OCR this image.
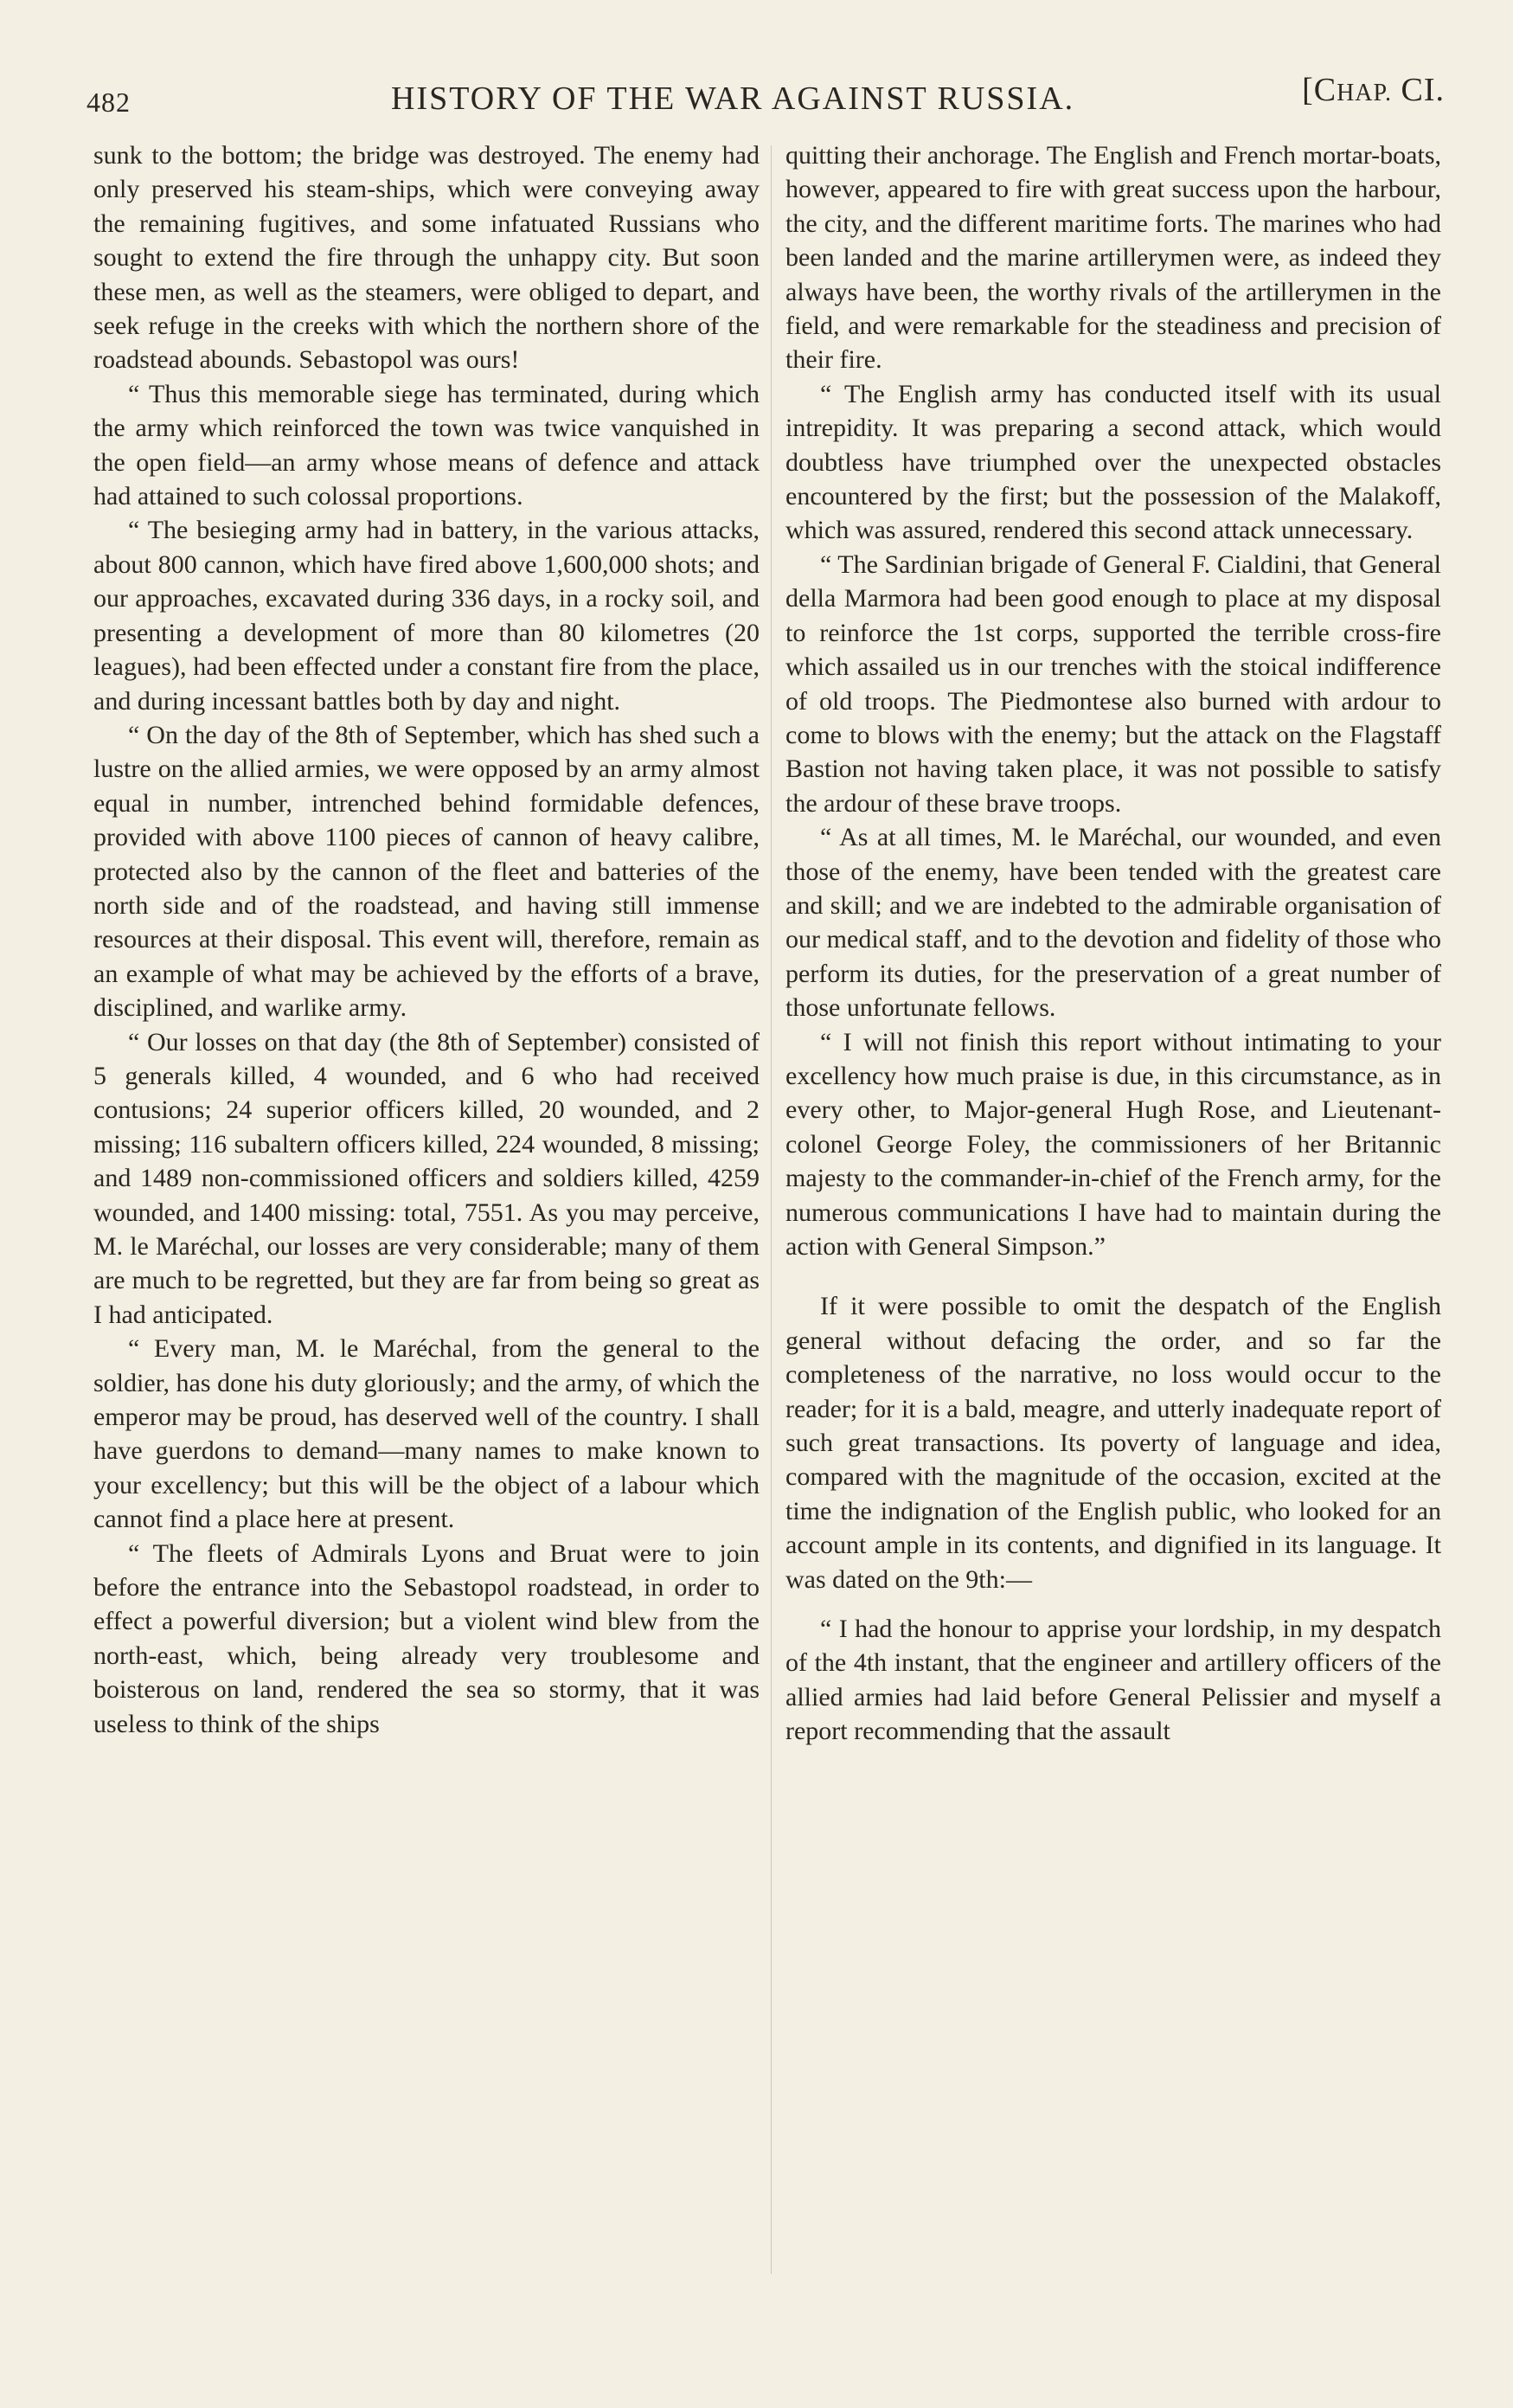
482	HISTORY OF THE WAR AGAINST RUSSIA.	[CHAP. CI.

sunk to the bottom; the bridge was destroyed. The enemy had only preserved his steam-ships, which were conveying away the remaining fugitives, and some infatuated Russians who sought to extend the fire through the unhappy city. But soon these men, as well as the steamers, were obliged to depart, and seek refuge in the creeks with which the northern shore of the roadstead abounds. Sebastopol was ours!

“ Thus this memorable siege has terminated, during which the army which reinforced the town was twice vanquished in the open field—an army whose means of defence and attack had attained to such colossal proportions.

“ The besieging army had in battery, in the various attacks, about 800 cannon, which have fired above 1,600,000 shots; and our approaches, excavated during 336 days, in a rocky soil, and presenting a development of more than 80 kilometres (20 leagues), had been effected under a constant fire from the place, and during incessant battles both by day and night.

“ On the day of the 8th of September, which has shed such a lustre on the allied armies, we were opposed by an army almost equal in number, intrenched behind formidable defences, provided with above 1100 pieces of cannon of heavy calibre, protected also by the cannon of the fleet and batteries of the north side and of the roadstead, and having still immense resources at their disposal. This event will, therefore, remain as an example of what may be achieved by the efforts of a brave, disciplined, and warlike army.

“ Our losses on that day (the 8th of September) consisted of 5 generals killed, 4 wounded, and 6 who had received contusions; 24 superior officers killed, 20 wounded, and 2 missing; 116 subaltern officers killed, 224 wounded, 8 missing; and 1489 non-commissioned officers and soldiers killed, 4259 wounded, and 1400 missing: total, 7551. As you may perceive, M. le Maréchal, our losses are very considerable; many of them are much to be regretted, but they are far from being so great as I had anticipated.

“ Every man, M. le Maréchal, from the general to the soldier, has done his duty gloriously; and the army, of which the emperor may be proud, has deserved well of the country. I shall have guerdons to demand—many names to make known to your excellency; but this will be the object of a labour which cannot find a place here at present.

“ The fleets of Admirals Lyons and Bruat were to join before the entrance into the Sebastopol roadstead, in order to effect a powerful diversion; but a violent wind blew from the north-east, which, being already very troublesome and boisterous on land, rendered the sea so stormy, that it was useless to think of the ships

quitting their anchorage. The English and French mortar-boats, however, appeared to fire with great success upon the harbour, the city, and the different maritime forts. The marines who had been landed and the marine artillerymen were, as indeed they always have been, the worthy rivals of the artillerymen in the field, and were remarkable for the steadiness and precision of their fire.

“ The English army has conducted itself with its usual intrepidity. It was preparing a second attack, which would doubtless have triumphed over the unexpected obstacles encountered by the first; but the possession of the Malakoff, which was assured, rendered this second attack unnecessary.

“ The Sardinian brigade of General F. Cialdini, that General della Marmora had been good enough to place at my disposal to reinforce the 1st corps, supported the terrible cross-fire which assailed us in our trenches with the stoical indifference of old troops. The Piedmontese also burned with ardour to come to blows with the enemy; but the attack on the Flagstaff Bastion not having taken place, it was not possible to satisfy the ardour of these brave troops.

“ As at all times, M. le Maréchal, our wounded, and even those of the enemy, have been tended with the greatest care and skill; and we are indebted to the admirable organisation of our medical staff, and to the devotion and fidelity of those who perform its duties, for the preservation of a great number of those unfortunate fellows.

“ I will not finish this report without intimating to your excellency how much praise is due, in this circumstance, as in every other, to Major-general Hugh Rose, and Lieutenant-colonel George Foley, the commissioners of her Britannic majesty to the commander-in-chief of the French army, for the numerous communications I have had to maintain during the action with General Simpson.”

If it were possible to omit the despatch of the English general without defacing the order, and so far the completeness of the narrative, no loss would occur to the reader; for it is a bald, meagre, and utterly inadequate report of such great transactions. Its poverty of language and idea, compared with the magnitude of the occasion, excited at the time the indignation of the English public, who looked for an account ample in its contents, and dignified in its language. It was dated on the 9th:—

“ I had the honour to apprise your lordship, in my despatch of the 4th instant, that the engineer and artillery officers of the allied armies had laid before General Pelissier and myself a report recommending that the assault
